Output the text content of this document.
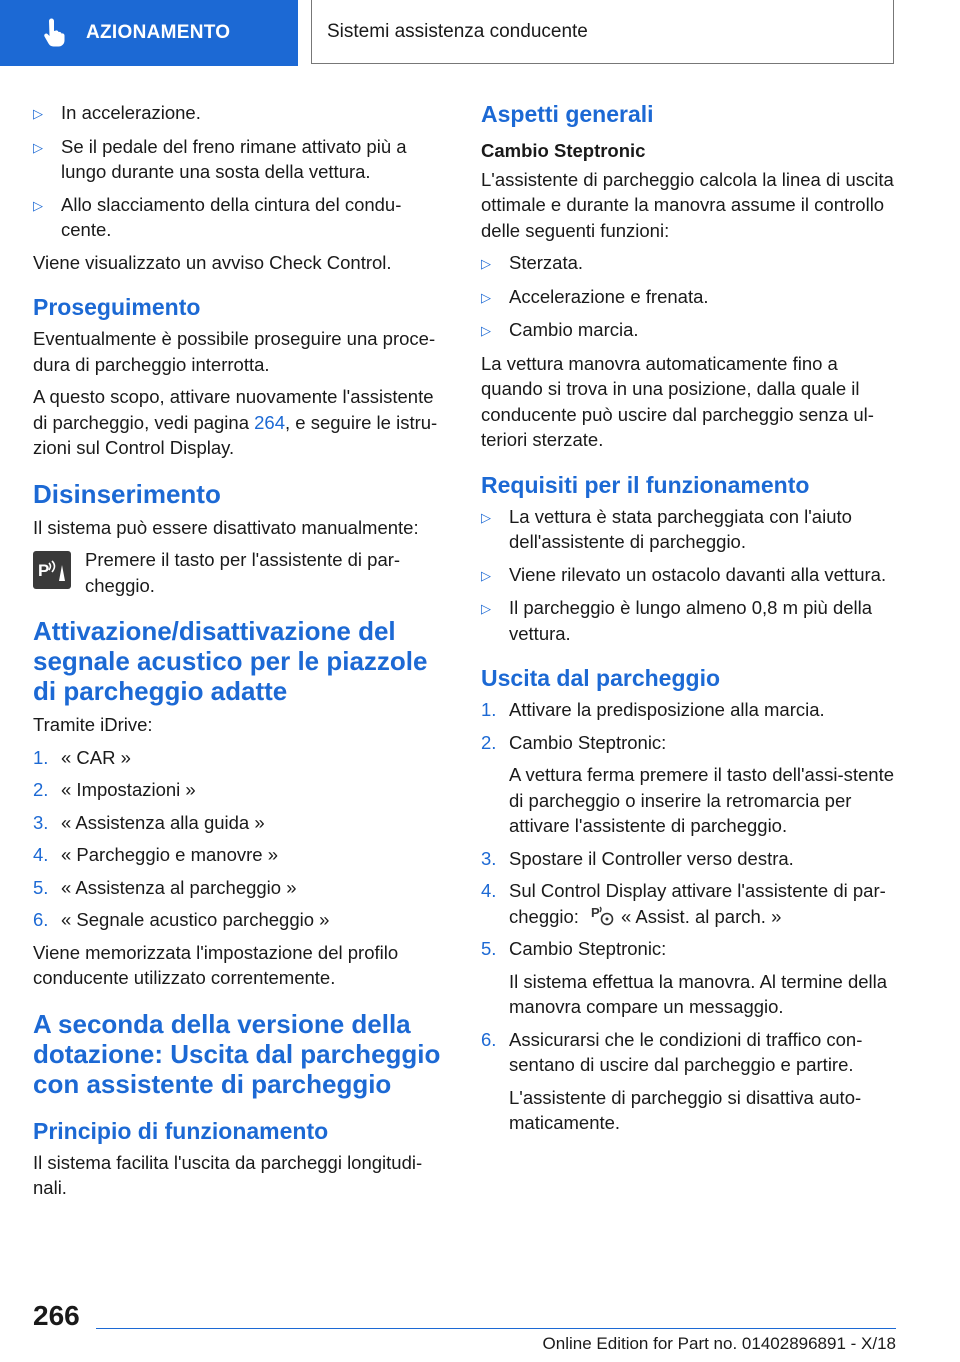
AZIONAMENTO	Sistemi assistenza conducente
▷ In accelerazione.
▷ Se il pedale del freno rimane attivato più a lungo durante una sosta della vettura.
▷ Allo slacciamento della cintura del condu-cente.

Viene visualizzato un avviso Check Control.

Proseguimento

Eventualmente è possibile proseguire una proce-dura di parcheggio interrotta.

A questo scopo, attivare nuovamente l'assistente di parcheggio, vedi pagina 264, e seguire le istru-zioni sul Control Display.

Disinserimento

Il sistema può essere disattivato manualmente:

P
Premere il tasto per l'assistente di par-cheggio.
Attivazione/disattivazione del segnale acustico per le piazzole di parcheggio adatte

Tramite iDrive:

1. « CAR »
2. « Impostazioni »
3. « Assistenza alla guida »
4. « Parcheggio e manovre »
5. « Assistenza al parcheggio »
6. « Segnale acustico parcheggio »

Viene memorizzata l'impostazione del profilo conducente utilizzato correntemente.

A seconda della versione della dotazione: Uscita dal parcheggio con assistente di parcheggio
Principio di funzionamento

Il sistema facilita l'uscita da parcheggi longitudi-nali.

Aspetti generali
Cambio Steptronic

L'assistente di parcheggio calcola la linea di uscita ottimale e durante la manovra assume il controllo delle seguenti funzioni:

▷ Sterzata.
▷ Accelerazione e frenata.
▷ Cambio marcia.

La vettura manovra automaticamente fino a quando si trova in una posizione, dalla quale il conducente può uscire dal parcheggio senza ul-teriori sterzate.

Requisiti per il funzionamento
▷ La vettura è stata parcheggiata con l'aiuto dell'assistente di parcheggio.
▷ Viene rilevato un ostacolo davanti alla vettura.
▷ Il parcheggio è lungo almeno 0,8 m più della vettura.
Uscita dal parcheggio
1. Attivare la predisposizione alla marcia.

2. Cambio Steptronic:

A vettura ferma premere il tasto dell'assi-stente di parcheggio o inserire la retromarcia per attivare l'assistente di parcheggio.

3. Spostare il Controller verso destra.

4. Sul Control Display attivare l'assistente di par-cheggio: P « Assist. al parch. »

5. Cambio Steptronic:

Il sistema effettua la manovra. Al termine della manovra compare un messaggio.

6. Assicurarsi che le condizioni di traffico con-sentano di uscire dal parcheggio e partire.

L'assistente di parcheggio si disattiva auto-maticamente.

266
Online Edition for Part no. 01402896891 - X/18
